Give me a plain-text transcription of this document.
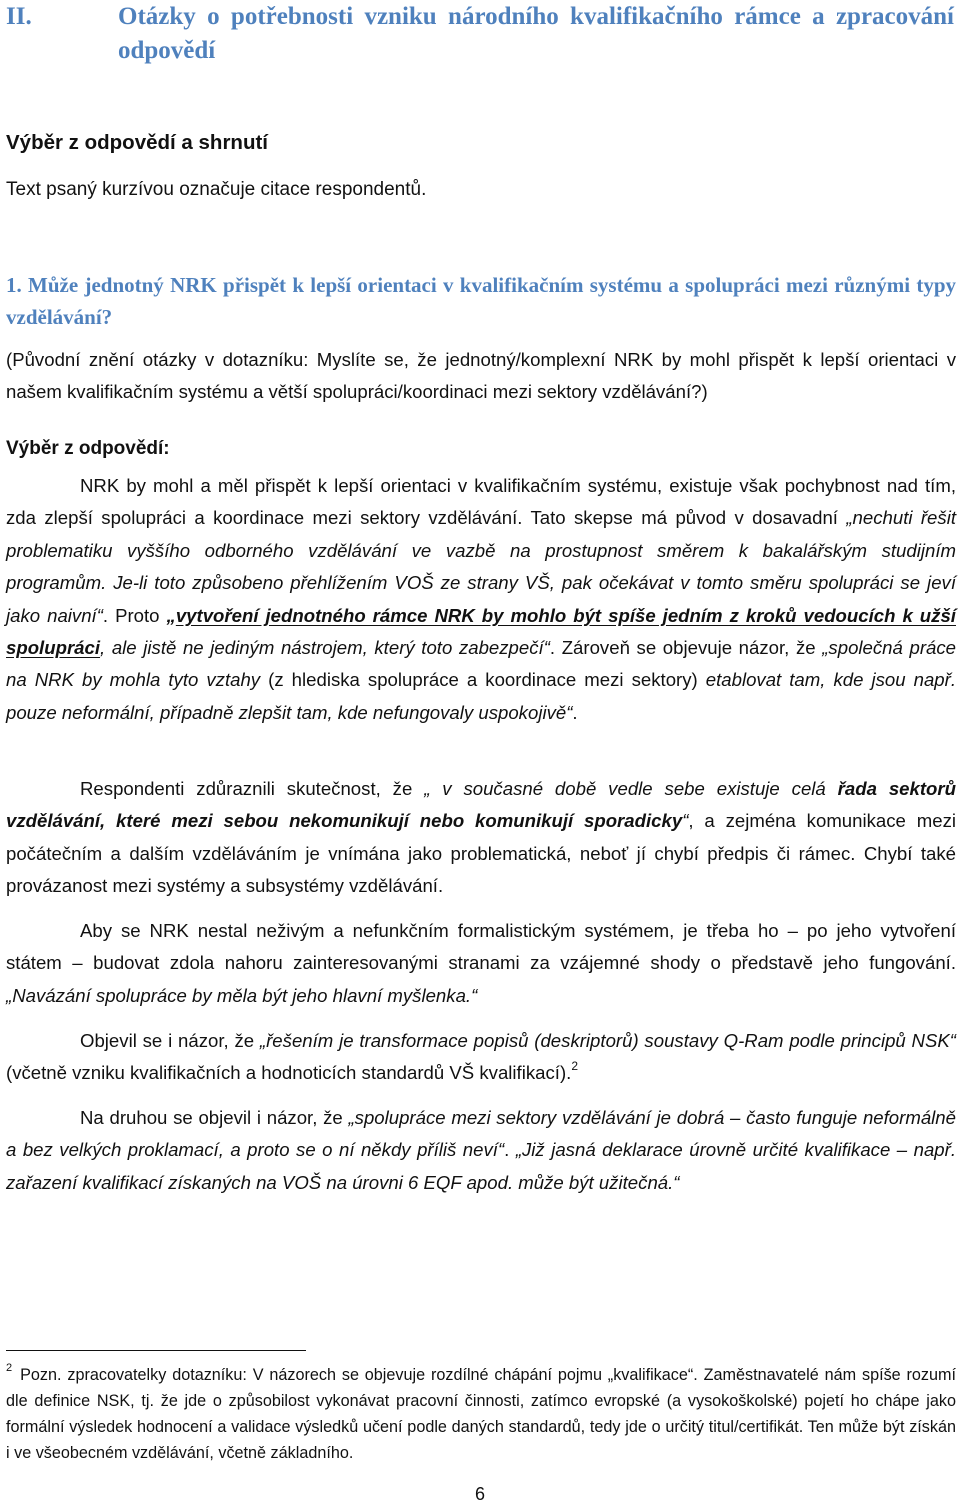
II.	Otázky o potřebnosti vzniku národního kvalifikačního rámce a zpracování odpovědí
Výběr z odpovědí a shrnutí
Text psaný kurzívou označuje citace respondentů.
1. Může jednotný NRK přispět k lepší orientaci v kvalifikačním systému a spolupráci mezi různými typy vzdělávání?
(Původní znění otázky v dotazníku: Myslíte se, že jednotný/komplexní NRK by mohl přispět k lepší orientaci v našem kvalifikačním systému a větší spolupráci/koordinaci mezi sektory vzdělávání?)
Výběr z odpovědí:
NRK by mohl a měl přispět k lepší orientaci v kvalifikačním systému, existuje však pochybnost nad tím, zda zlepší spolupráci a koordinace mezi sektory vzdělávání. Tato skepse má původ v dosavadní „nechuti řešit problematiku vyššího odborného vzdělávání ve vazbě na prostupnost směrem k bakalářským studijním programům. Je-li toto způsobeno přehlížením VOŠ ze strany VŠ, pak očekávat v tomto směru spolupráci se jeví jako naivní“. Proto „vytvoření jednotného rámce NRK by mohlo být spíše jedním z kroků vedoucích k užší spolupráci, ale jistě ne jediným nástrojem, který toto zabezpečí“. Zároveň se objevuje názor, že „společná práce na NRK by mohla tyto vztahy (z hlediska spolupráce a koordinace mezi sektory) etablovat tam, kde jsou např. pouze neformální, případně zlepšit tam, kde nefungovaly uspokojivě“.
Respondenti zdůraznili skutečnost, že „ v současné době vedle sebe existuje celá řada sektorů vzdělávání, které mezi sebou nekomunikují nebo komunikují sporadicky“, a zejména komunikace mezi počátečním a dalším vzděláváním je vnímána jako problematická, neboť jí chybí předpis či rámec. Chybí také provázanost mezi systémy a subsystémy vzdělávání.
Aby se NRK nestal neživým a nefunkčním formalistickým systémem, je třeba ho – po jeho vytvoření státem – budovat zdola nahoru zainteresovanými stranami za vzájemné shody o představě jeho fungování. „Navázání spolupráce by měla být jeho hlavní myšlenka.“
Objevil se i názor, že „řešením je transformace popisů (deskriptorů) soustavy Q-Ram podle principů NSK“ (včetně vzniku kvalifikačních a hodnoticích standardů VŠ kvalifikací).$^2$
Na druhou se objevil i názor, že „spolupráce mezi sektory vzdělávání je dobrá – často funguje neformálně a bez velkých proklamací, a proto se o ní někdy příliš neví“. „Již jasná deklarace úrovně určité kvalifikace – např. zařazení kvalifikací získaných na VOŠ na úrovni 6 EQF apod. může být užitečná.“
$^2$ Pozn. zpracovatelky dotazníku: V názorech se objevuje rozdílné chápání pojmu „kvalifikace“. Zaměstnavatelé nám spíše rozumí dle definice NSK, tj. že jde o způsobilost vykonávat pracovní činnosti, zatímco evropské (a vysokoškolské) pojetí ho chápe jako formální výsledek hodnocení a validace výsledků učení podle daných standardů, tedy jde o určitý titul/certifikát. Ten může být získán i ve všeobecném vzdělávání, včetně základního.
6
